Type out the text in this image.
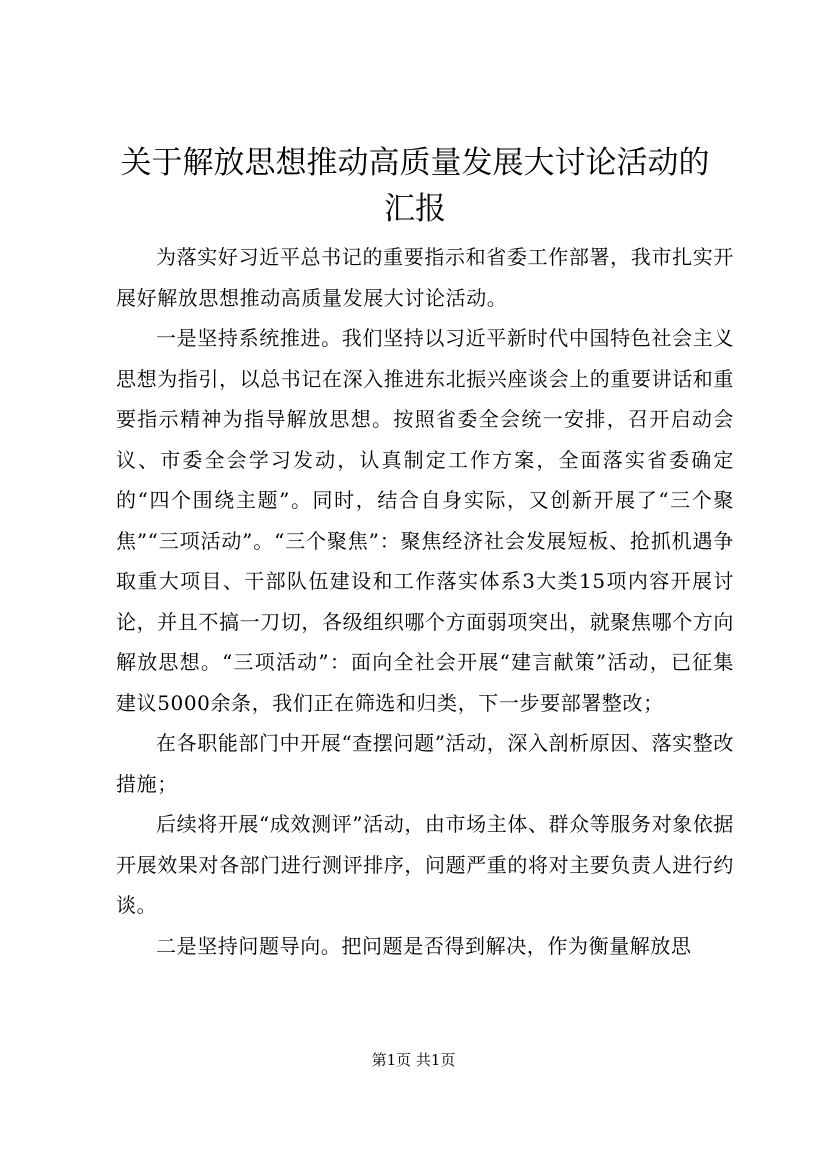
关于解放思想推动高质量发展大讨论活动的汇报

为落实好习近平总书记的重要指示和省委工作部署，我市扎实开展好解放思想推动高质量发展大讨论活动。

一是坚持系统推进。我们坚持以习近平新时代中国特色社会主义思想为指引，以总书记在深入推进东北振兴座谈会上的重要讲话和重要指示精神为指导解放思想。按照省委全会统一安排，召开启动会议、市委全会学习发动，认真制定工作方案，全面落实省委确定的“四个围绕主题”。同时，结合自身实际，又创新开展了“三个聚焦”“三项活动”。“三个聚焦”：聚焦经济社会发展短板、抢抓机遇争取重大项目、干部队伍建设和工作落实体系3大类15项内容开展讨论，并且不搞一刀切，各级组织哪个方面弱项突出，就聚焦哪个方向解放思想。“三项活动”：面向全社会开展“建言献策”活动，已征集建议5000余条，我们正在筛选和归类，下一步要部署整改；

在各职能部门中开展“查摆问题”活动，深入剖析原因、落实整改措施；

后续将开展“成效测评”活动，由市场主体、群众等服务对象依据开展效果对各部门进行测评排序，问题严重的将对主要负责人进行约谈。

二是坚持问题导向。把问题是否得到解决，作为衡量解放思

第1页 共1页
